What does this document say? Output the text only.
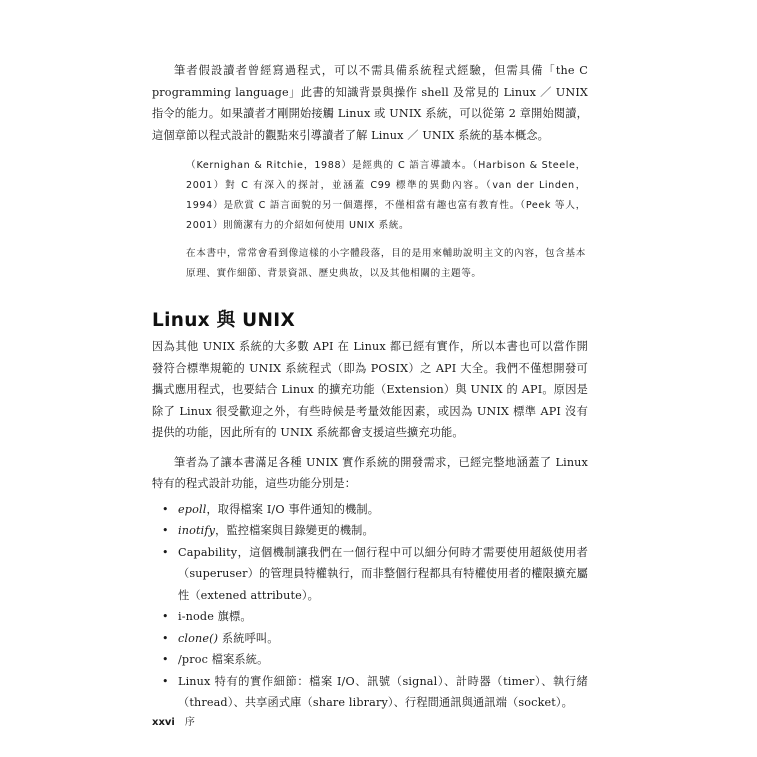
筆者假設讀者曾經寫過程式，可以不需具備系統程式經驗，但需具備「the C programming language」此書的知識背景與操作 shell 及常見的 Linux ／ UNIX 指令的能力。如果讀者才剛開始接觸 Linux 或 UNIX 系統，可以從第 2 章開始閱讀，這個章節以程式設計的觀點來引導讀者了解 Linux ／ UNIX 系統的基本概念。

（Kernighan & Ritchie，1988）是經典的 C 語言導讀本。（Harbison & Steele，2001）對 C 有深入的探討，並涵蓋 C99 標準的異動內容。（van der Linden，1994）是欣賞 C 語言面貌的另一個選擇，不僅相當有趣也富有教育性。（Peek 等人，2001）則簡潔有力的介紹如何使用 UNIX 系統。

在本書中，常常會看到像這樣的小字體段落，目的是用來輔助說明主文的內容，包含基本原理、實作細節、背景資訊、歷史典故，以及其他相關的主題等。

Linux 與 UNIX

因為其他 UNIX 系統的大多數 API 在 Linux 都已經有實作，所以本書也可以當作開發符合標準規範的 UNIX 系統程式（即為 POSIX）之 API 大全。我們不僅想開發可攜式應用程式，也要結合 Linux 的擴充功能（Extension）與 UNIX 的 API。原因是除了 Linux 很受歡迎之外，有些時候是考量效能因素，或因為 UNIX 標準 API 沒有提供的功能，因此所有的 UNIX 系統都會支援這些擴充功能。

筆者為了讓本書滿足各種 UNIX 實作系統的開發需求，已經完整地涵蓋了 Linux 特有的程式設計功能，這些功能分別是：

• epoll，取得檔案 I/O 事件通知的機制。
• inotify，監控檔案與目錄變更的機制。
• Capability，這個機制讓我們在一個行程中可以細分何時才需要使用超級使用者（superuser）的管理員特權執行，而非整個行程都具有特權使用者的權限擴充屬性（extened attribute）。
• i-node 旗標。
• clone() 系統呼叫。
• /proc 檔案系統。
• Linux 特有的實作細節：檔案 I/O、訊號（signal）、計時器（timer）、執行緒（thread）、共享函式庫（share library）、行程間通訊與通訊端（socket）。
xxvi 序
